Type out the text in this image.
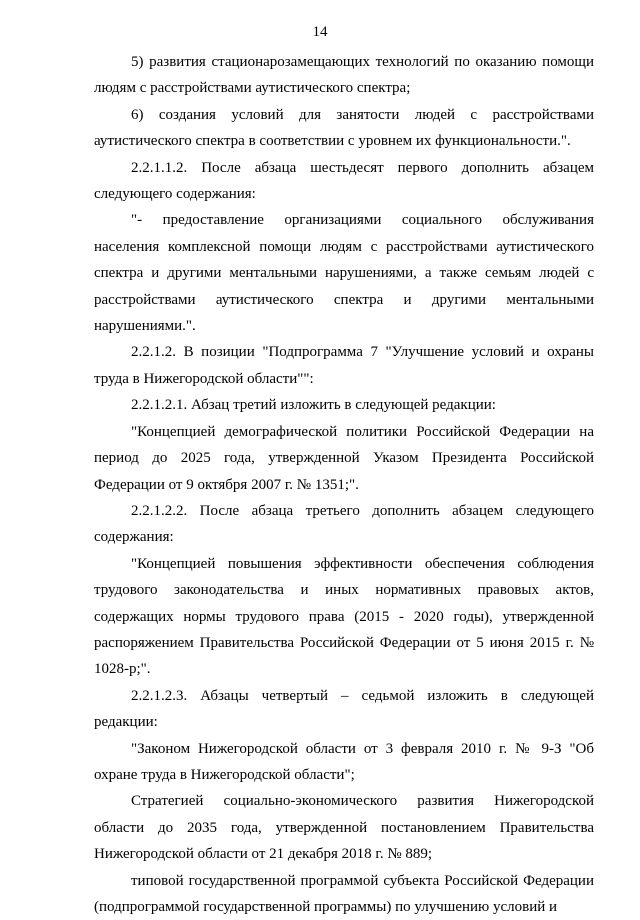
14

5) развития стационарозамещающих технологий по оказанию помощи людям с расстройствами аутистического спектра;

6) создания условий для занятости людей с расстройствами аутистического спектра в соответствии с уровнем их функциональности.".

2.2.1.1.2. После абзаца шестьдесят первого дополнить абзацем следующего содержания:

"- предоставление организациями социального обслуживания населения комплексной помощи людям с расстройствами аутистического спектра и другими ментальными нарушениями, а также семьям людей с расстройствами аутистического спектра и другими ментальными нарушениями.".

2.2.1.2. В позиции "Подпрограмма 7 "Улучшение условий и охраны труда в Нижегородской области"":

2.2.1.2.1. Абзац третий изложить в следующей редакции:

"Концепцией демографической политики Российской Федерации на период до 2025 года, утвержденной Указом Президента Российской Федерации от 9 октября 2007 г. № 1351;".

2.2.1.2.2. После абзаца третьего дополнить абзацем следующего содержания:

"Концепцией повышения эффективности обеспечения соблюдения трудового законодательства и иных нормативных правовых актов, содержащих нормы трудового права (2015 - 2020 годы), утвержденной распоряжением Правительства Российской Федерации от 5 июня 2015 г. № 1028-р;".

2.2.1.2.3. Абзацы четвертый – седьмой изложить в следующей редакции:

"Законом Нижегородской области от 3 февраля 2010 г. № 9-З "Об охране труда в Нижегородской области";

Стратегией социально-экономического развития Нижегородской области до 2035 года, утвержденной постановлением Правительства Нижегородской области от 21 декабря 2018 г. № 889;

типовой государственной программой субъекта Российской Федерации (подпрограммой государственной программы) по улучшению условий и
